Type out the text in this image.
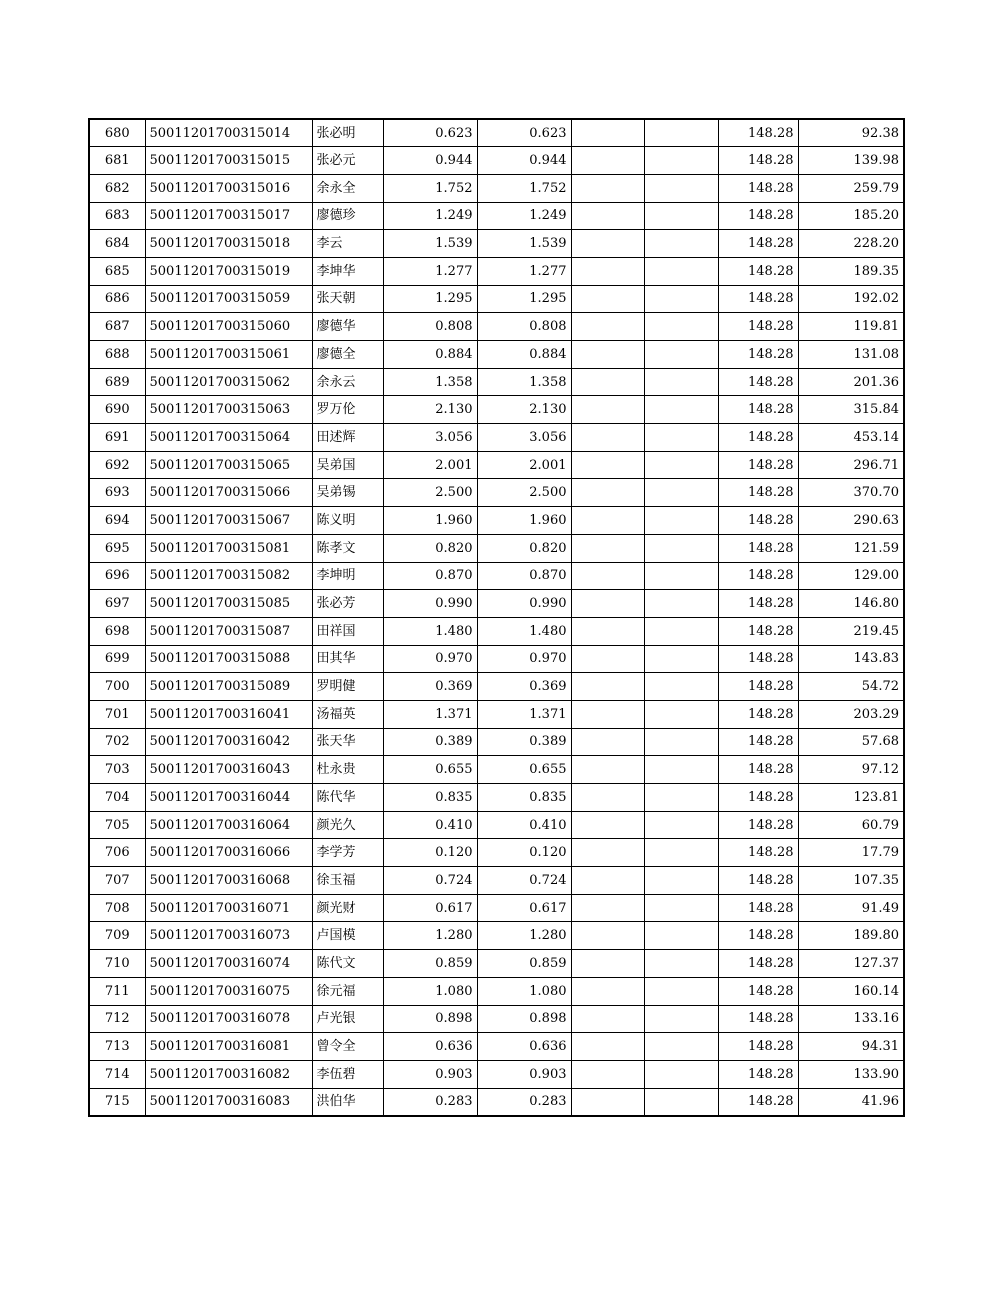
680	50011201700315014	张必明	0.623	0.623			148.28	92.38
681	50011201700315015	张必元	0.944	0.944			148.28	139.98
682	50011201700315016	余永全	1.752	1.752			148.28	259.79
683	50011201700315017	廖德珍	1.249	1.249			148.28	185.20
684	50011201700315018	李云	1.539	1.539			148.28	228.20
685	50011201700315019	李坤华	1.277	1.277			148.28	189.35
686	50011201700315059	张天朝	1.295	1.295			148.28	192.02
687	50011201700315060	廖德华	0.808	0.808			148.28	119.81
688	50011201700315061	廖德全	0.884	0.884			148.28	131.08
689	50011201700315062	余永云	1.358	1.358			148.28	201.36
690	50011201700315063	罗万伦	2.130	2.130			148.28	315.84
691	50011201700315064	田述辉	3.056	3.056			148.28	453.14
692	50011201700315065	吴弟国	2.001	2.001			148.28	296.71
693	50011201700315066	吴弟锡	2.500	2.500			148.28	370.70
694	50011201700315067	陈义明	1.960	1.960			148.28	290.63
695	50011201700315081	陈孝文	0.820	0.820			148.28	121.59
696	50011201700315082	李坤明	0.870	0.870			148.28	129.00
697	50011201700315085	张必芳	0.990	0.990			148.28	146.80
698	50011201700315087	田祥国	1.480	1.480			148.28	219.45
699	50011201700315088	田其华	0.970	0.970			148.28	143.83
700	50011201700315089	罗明健	0.369	0.369			148.28	54.72
701	50011201700316041	汤福英	1.371	1.371			148.28	203.29
702	50011201700316042	张天华	0.389	0.389			148.28	57.68
703	50011201700316043	杜永贵	0.655	0.655			148.28	97.12
704	50011201700316044	陈代华	0.835	0.835			148.28	123.81
705	50011201700316064	颜光久	0.410	0.410			148.28	60.79
706	50011201700316066	李学芳	0.120	0.120			148.28	17.79
707	50011201700316068	徐玉福	0.724	0.724			148.28	107.35
708	50011201700316071	颜光财	0.617	0.617			148.28	91.49
709	50011201700316073	卢国模	1.280	1.280			148.28	189.80
710	50011201700316074	陈代文	0.859	0.859			148.28	127.37
711	50011201700316075	徐元福	1.080	1.080			148.28	160.14
712	50011201700316078	卢光银	0.898	0.898			148.28	133.16
713	50011201700316081	曾令全	0.636	0.636			148.28	94.31
714	50011201700316082	李伍碧	0.903	0.903			148.28	133.90
715	50011201700316083	洪伯华	0.283	0.283			148.28	41.96
